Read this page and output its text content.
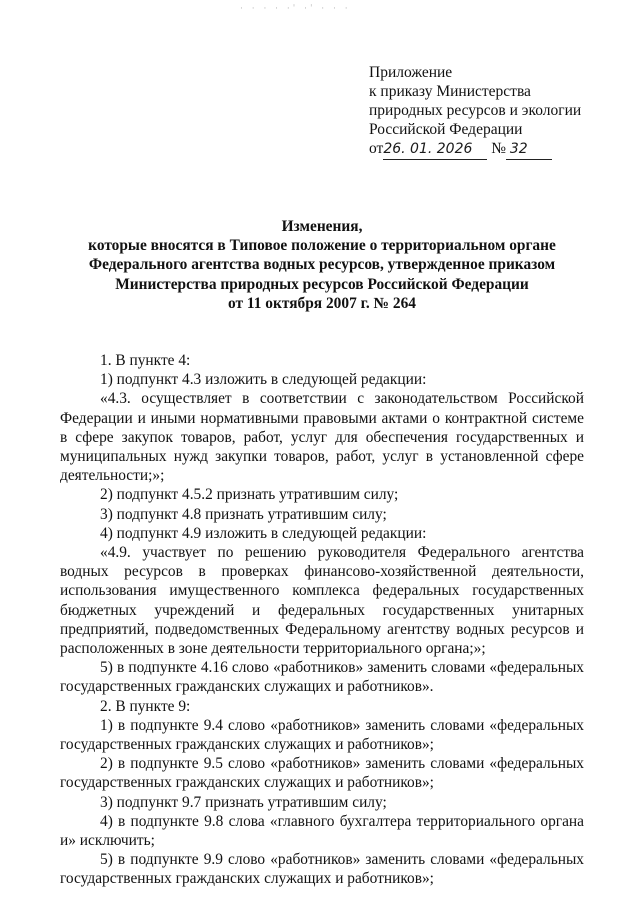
· · · · ·ˈ ·ˈ · · ·
Приложение
к приказу Министерства
природных ресурсов и экологии
Российской Федерации
от26. 01. 2026 № 32
Изменения,
которые вносятся в Типовое положение о территориальном органе
Федерального агентства водных ресурсов, утвержденное приказом
Министерства природных ресурсов Российской Федерации
от 11 октября 2007 г. № 264

1. В пункте 4:

1) подпункт 4.3 изложить в следующей редакции:

«4.3. осуществляет в соответствии с законодательством Российской Федерации и иными нормативными правовыми актами о контрактной системе в сфере закупок товаров, работ, услуг для обеспечения государственных и муниципальных нужд закупки товаров, работ, услуг в установленной сфере деятельности;»;

2) подпункт 4.5.2 признать утратившим силу;

3) подпункт 4.8 признать утратившим силу;

4) подпункт 4.9 изложить в следующей редакции:

«4.9. участвует по решению руководителя Федерального агентства водных ресурсов в проверках финансово-хозяйственной деятельности, использования имущественного комплекса федеральных государственных бюджетных учреждений и федеральных государственных унитарных предприятий, подведомственных Федеральному агентству водных ресурсов и расположенных в зоне деятельности территориального органа;»;

5) в подпункте 4.16 слово «работников» заменить словами «федеральных государственных гражданских служащих и работников».

2. В пункте 9:

1) в подпункте 9.4 слово «работников» заменить словами «федеральных государственных гражданских служащих и работников»;

2) в подпункте 9.5 слово «работников» заменить словами «федеральных государственных гражданских служащих и работников»;

3) подпункт 9.7 признать утратившим силу;

4) в подпункте 9.8 слова «главного бухгалтера территориального органа и» исключить;

5) в подпункте 9.9 слово «работников» заменить словами «федеральных государственных гражданских служащих и работников»;
